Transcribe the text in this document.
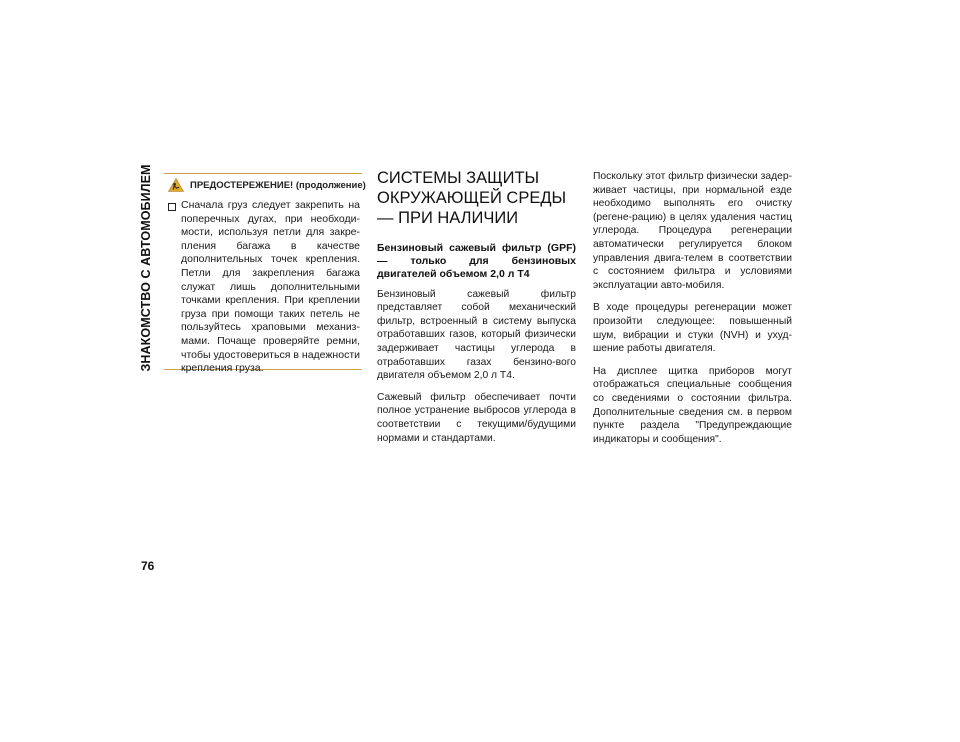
ЗНАКОМСТВО С АВТОМОБИЛЕМ
76
ПРЕДОСТЕРЕЖЕНИЕ! (продолжение)
Сначала груз следует закрепить на поперечных дугах, при необходи-мости, используя петли для закре-пления багажа в качестве дополнительных точек крепления. Петли для закрепления багажа служат лишь дополнительными точками крепления. При креплении груза при помощи таких петель не пользуйтесь храповыми механиз-мами. Почаще проверяйте ремни, чтобы удостовериться в надежности крепления груза.
СИСТЕМЫ ЗАЩИТЫ ОКРУЖАЮЩЕЙ СРЕДЫ — ПРИ НАЛИЧИИ
Бензиновый сажевый фильтр (GPF) — только для бензиновых двигателей объемом 2,0 л T4

Бензиновый сажевый фильтр представляет собой механический фильтр, встроенный в систему выпуска отработавших газов, который физически задерживает частицы углерода в отработавших газах бензино-вого двигателя объемом 2,0 л T4.

Сажевый фильтр обеспечивает почти полное устранение выбросов углерода в соответствии с текущими/будущими нормами и стандартами.

Поскольку этот фильтр физически задер-живает частицы, при нормальной езде необходимо выполнять его очистку (регене-рацию) в целях удаления частиц углерода. Процедура регенерации автоматически регулируется блоком управления двига-телем в соответствии с состоянием фильтра и условиями эксплуатации авто-мобиля.

В ходе процедуры регенерации может произойти следующее: повышенный шум, вибрации и стуки (NVH) и ухуд-шение работы двигателя.

На дисплее щитка приборов могут отображаться специальные сообщения со сведениями о состоянии фильтра. Дополнительные сведения см. в первом пункте раздела "Предупреждающие индикаторы и сообщения".
